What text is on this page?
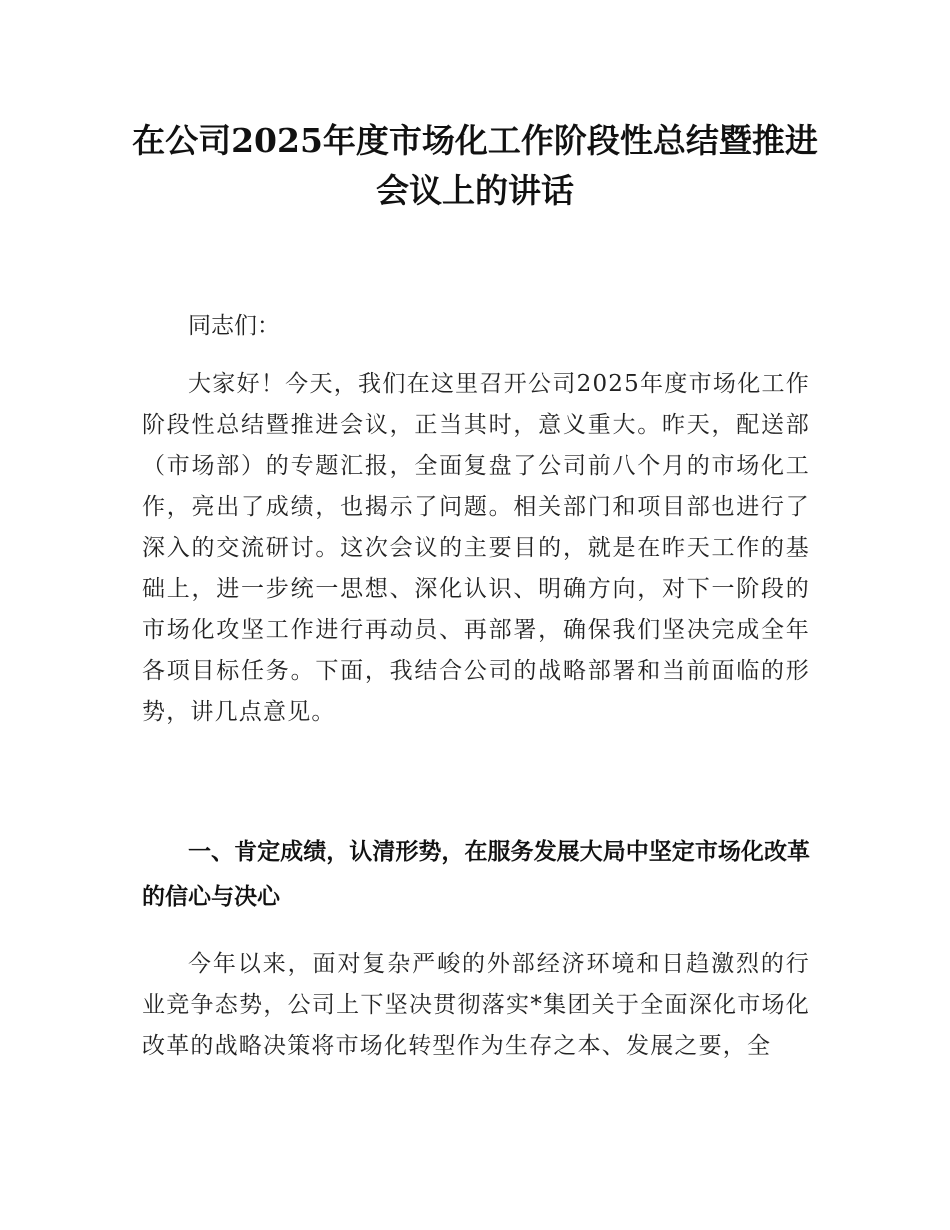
在公司2025年度市场化工作阶段性总结暨推进会议上的讲话

同志们：

大家好！今天，我们在这里召开公司2025年度市场化工作阶段性总结暨推进会议，正当其时，意义重大。昨天，配送部（市场部）的专题汇报，全面复盘了公司前八个月的市场化工作，亮出了成绩，也揭示了问题。相关部门和项目部也进行了深入的交流研讨。这次会议的主要目的，就是在昨天工作的基础上，进一步统一思想、深化认识、明确方向，对下一阶段的市场化攻坚工作进行再动员、再部署，确保我们坚决完成全年各项目标任务。下面，我结合公司的战略部署和当前面临的形势，讲几点意见。

一、肯定成绩，认清形势，在服务发展大局中坚定市场化改革的信心与决心

今年以来，面对复杂严峻的外部经济环境和日趋激烈的行业竞争态势，公司上下坚决贯彻落实*集团关于全面深化市场化改革的战略决策将市场化转型作为生存之本、发展之要，全
